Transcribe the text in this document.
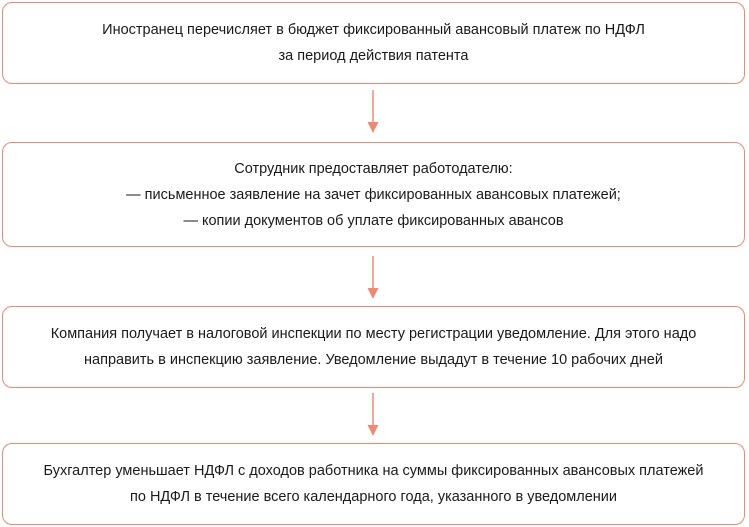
Иностранец перечисляет в бюджет фиксированный авансовый платеж по НДФЛ
за период действия патента
Сотрудник предоставляет работодателю:
— письменное заявление на зачет фиксированных авансовых платежей;
— копии документов об уплате фиксированных авансов
Компания получает в налоговой инспекции по месту регистрации уведомление. Для этого надо
направить в инспекцию заявление. Уведомление выдадут в течение 10 рабочих дней
Бухгалтер уменьшает НДФЛ с доходов работника на суммы фиксированных авансовых платежей
по НДФЛ в течение всего календарного года, указанного в уведомлении
